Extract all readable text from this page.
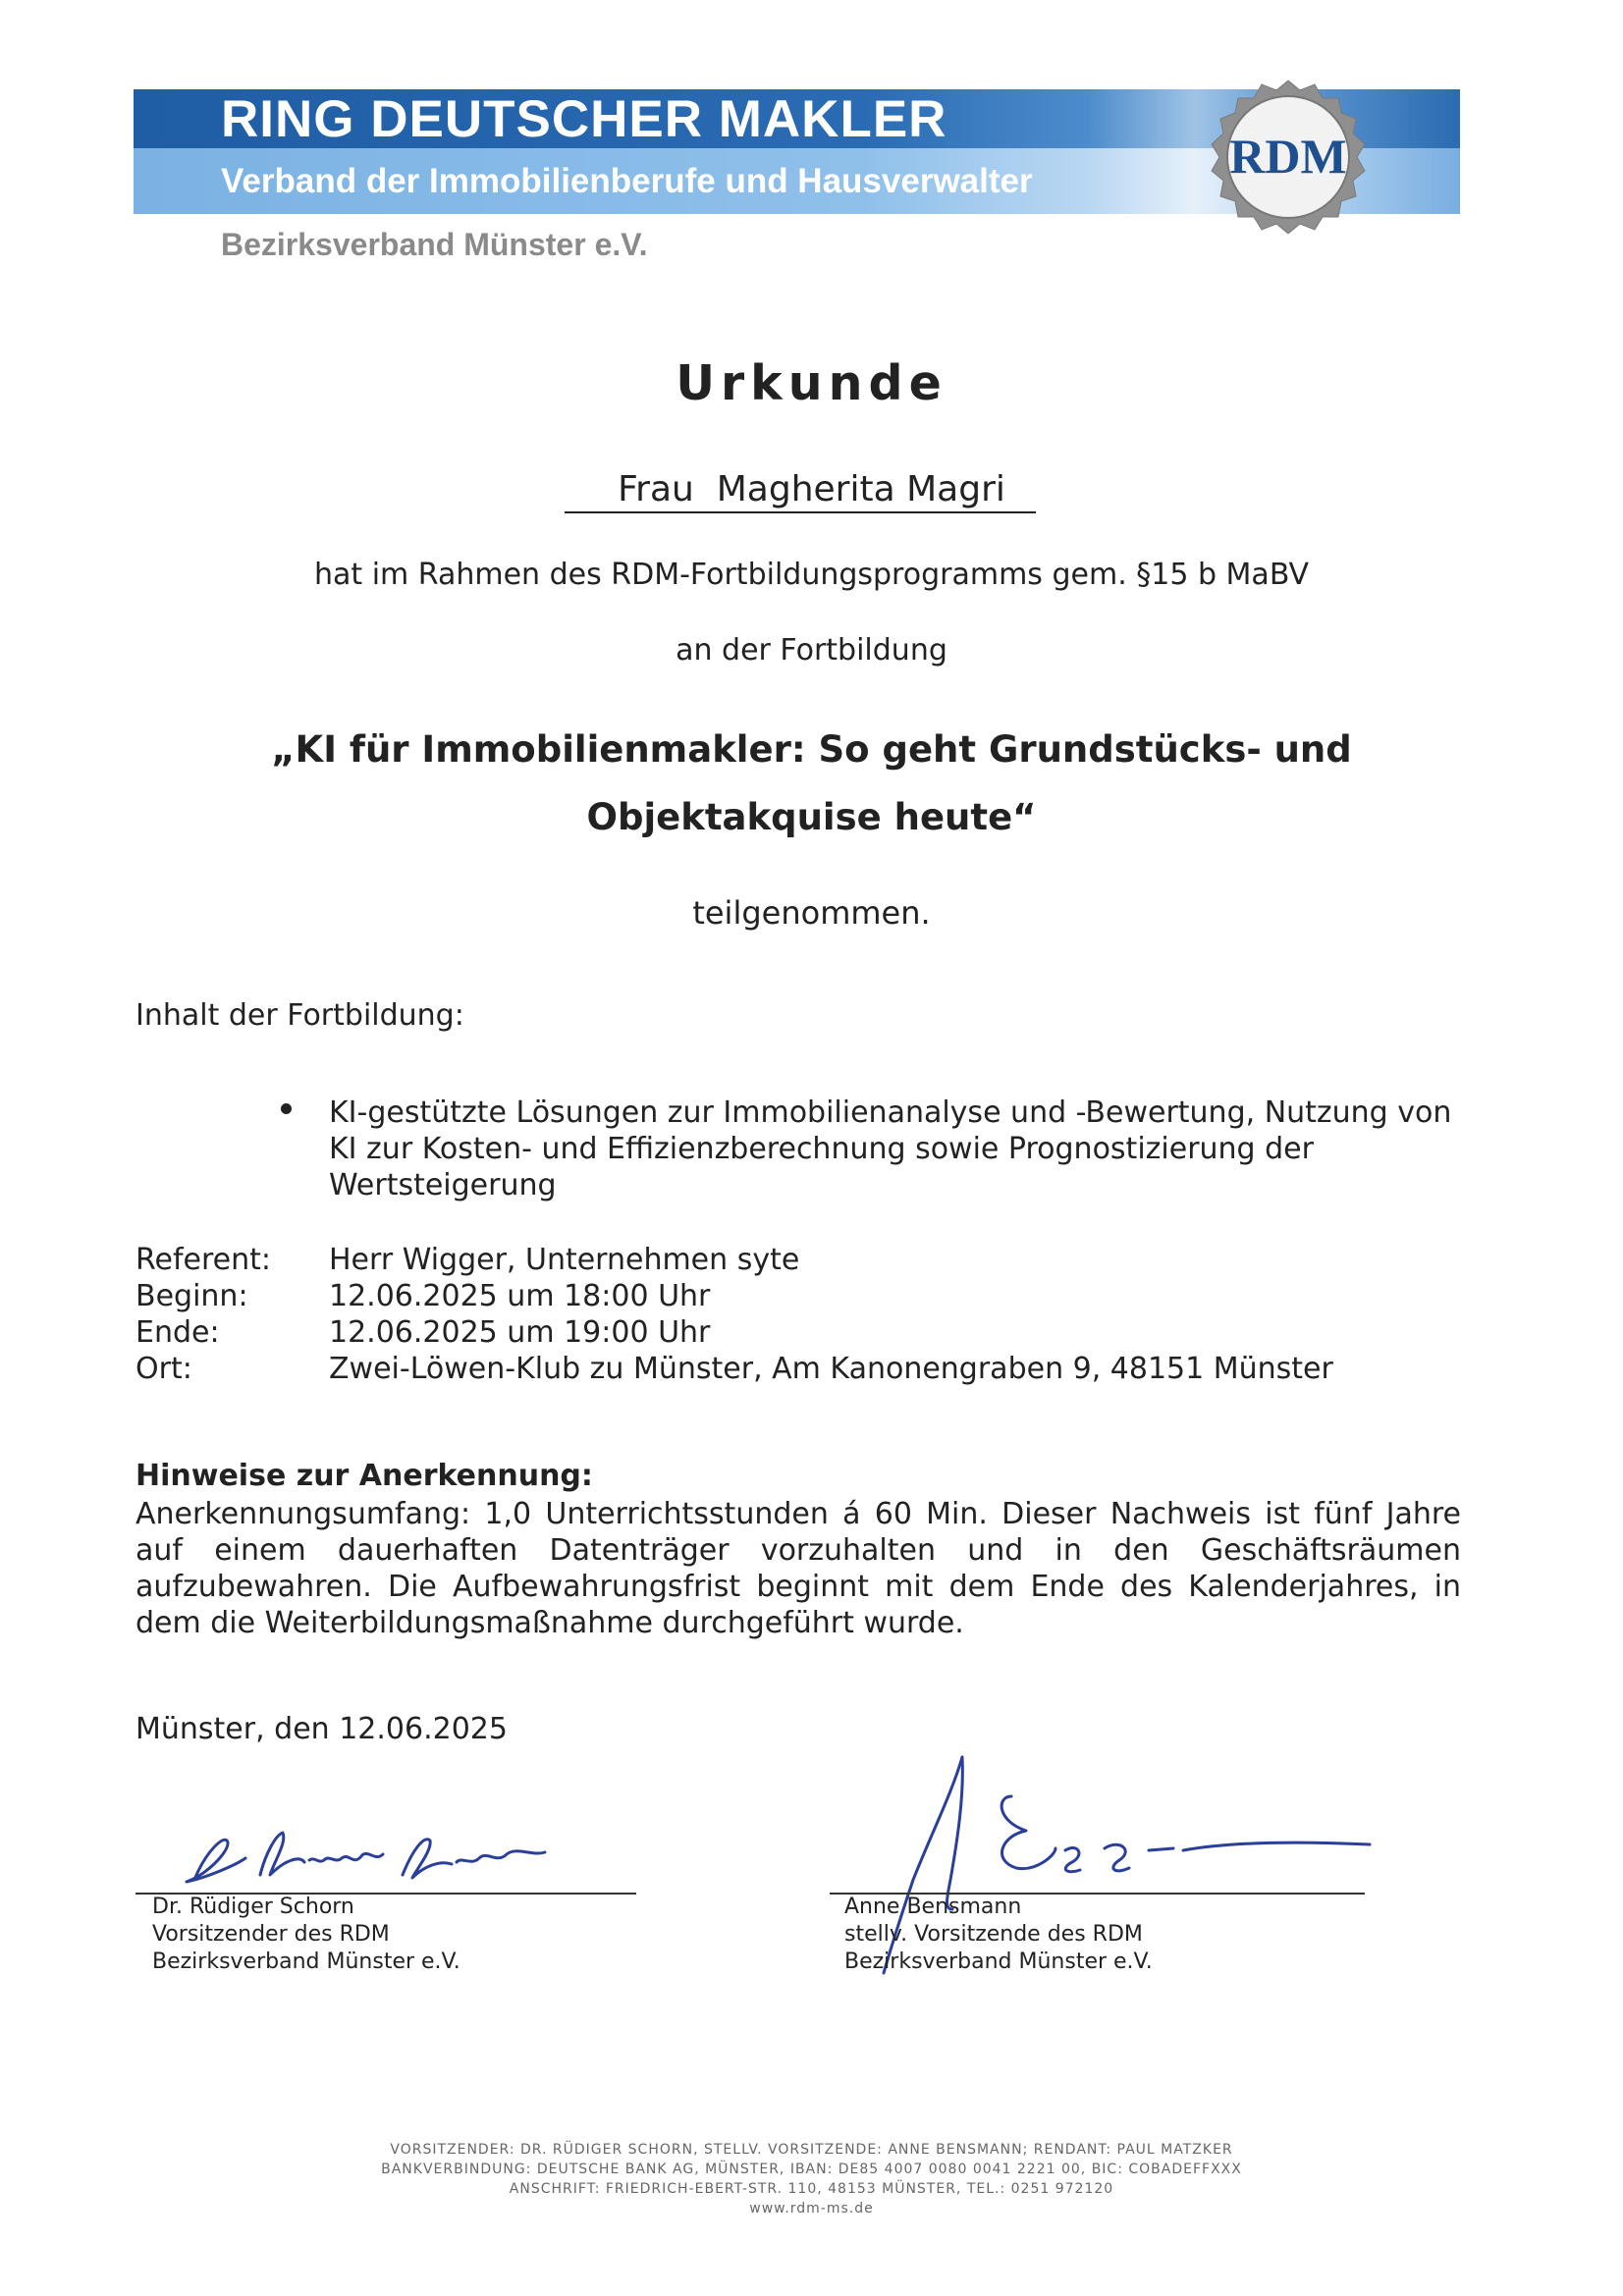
RING DEUTSCHER MAKLER
Verband der Immobilienberufe und Hausverwalter
Bezirksverband Münster e.V.
RDM
Urkunde
Frau  Magherita Magri
hat im Rahmen des RDM-Fortbildungsprogramms gem. §15 b MaBV
an der Fortbildung
„KI für Immobilienmakler: So geht Grundstücks- und
Objektakquise heute“
teilgenommen.
Inhalt der Fortbildung:
KI-gestützte Lösungen zur Immobilienanalyse und -Bewertung, Nutzung von KI zur Kosten- und Effizienzberechnung sowie Prognostizierung der Wertsteigerung
Referent: Herr Wigger, Unternehmen syte
Beginn:	12.06.2025 um 18:00 Uhr
Ende:	12.06.2025 um 19:00 Uhr
Ort:	Zwei-Löwen-Klub zu Münster, Am Kanonengraben 9, 48151 Münster
Hinweise zur Anerkennung:
Anerkennungsumfang: 1,0 Unterrichtsstunden á 60 Min. Dieser Nachweis ist fünf Jahre auf einem dauerhaften Datenträger vorzuhalten und in den Geschäftsräumen aufzubewahren. Die Aufbewahrungsfrist beginnt mit dem Ende des Kalenderjahres, in dem die Weiterbildungsmaßnahme durchgeführt wurde.
Münster, den 12.06.2025
Dr. Rüdiger Schorn
Vorsitzender des RDM
Bezirksverband Münster e.V.
Anne Bensmann
stellv. Vorsitzende des RDM
Bezirksverband Münster e.V.
VORSITZENDER: DR. RÜDIGER SCHORN, STELLV. VORSITZENDE: ANNE BENSMANN; RENDANT: PAUL MATZKER
BANKVERBINDUNG: DEUTSCHE BANK AG, MÜNSTER, IBAN: DE85 4007 0080 0041 2221 00, BIC: COBADEFFXXX
ANSCHRIFT: FRIEDRICH-EBERT-STR. 110, 48153 MÜNSTER, TEL.: 0251 972120
www.rdm-ms.de
